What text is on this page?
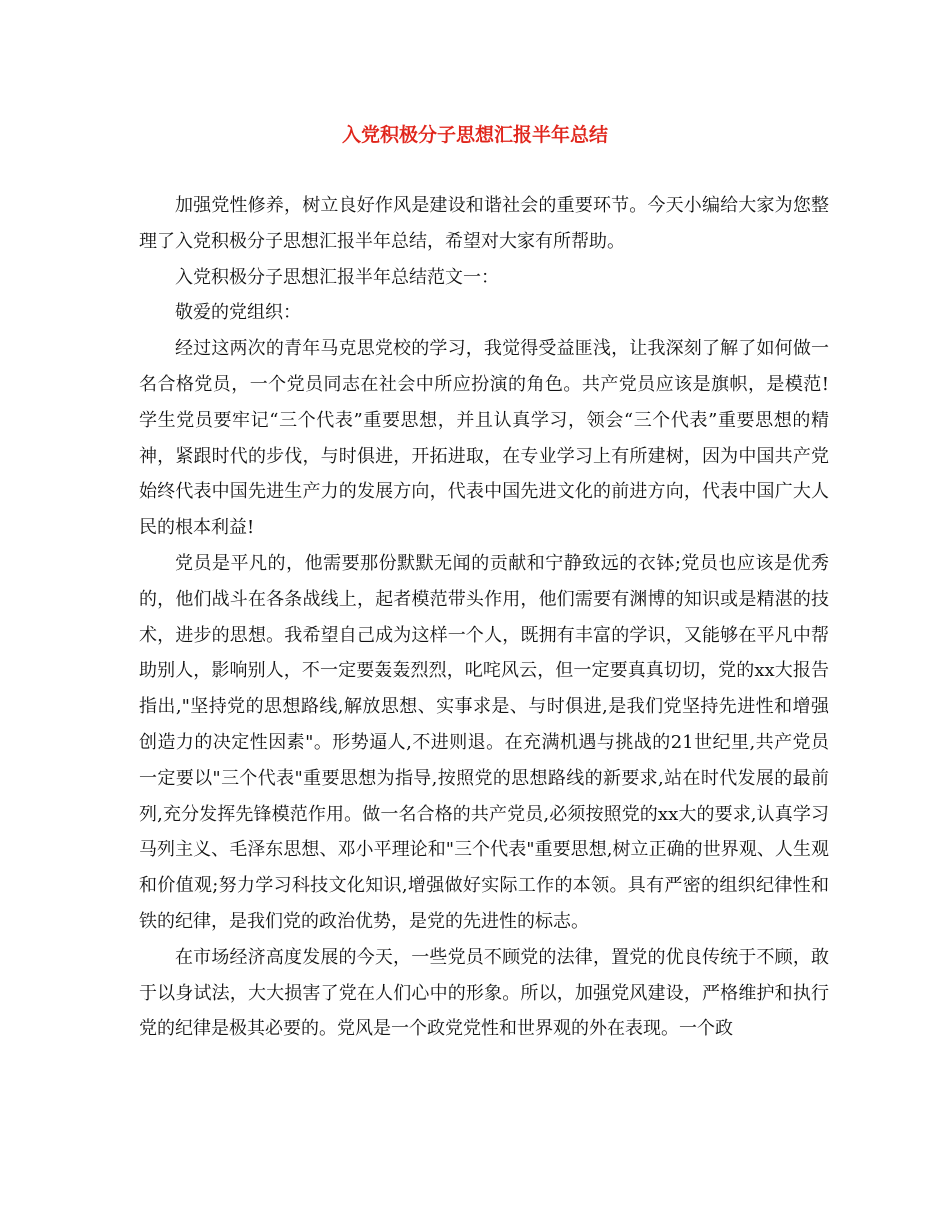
入党积极分子思想汇报半年总结

加强党性修养，树立良好作风是建设和谐社会的重要环节。今天小编给大家为您整理了入党积极分子思想汇报半年总结，希望对大家有所帮助。

入党积极分子思想汇报半年总结范文一：

敬爱的党组织：

经过这两次的青年马克思党校的学习，我觉得受益匪浅，让我深刻了解了如何做一名合格党员，一个党员同志在社会中所应扮演的角色。共产党员应该是旗帜，是模范!学生党员要牢记“三个代表”重要思想，并且认真学习，领会“三个代表”重要思想的精神，紧跟时代的步伐，与时俱进，开拓进取，在专业学习上有所建树，因为中国共产党始终代表中国先进生产力的发展方向，代表中国先进文化的前进方向，代表中国广大人民的根本利益!

党员是平凡的，他需要那份默默无闻的贡献和宁静致远的衣钵;党员也应该是优秀的，他们战斗在各条战线上，起者模范带头作用，他们需要有渊博的知识或是精湛的技术，进步的思想。我希望自己成为这样一个人，既拥有丰富的学识，又能够在平凡中帮助别人，影响别人，不一定要轰轰烈烈，叱咤风云，但一定要真真切切，党的xx大报告指出,"坚持党的思想路线,解放思想、实事求是、与时俱进,是我们党坚持先进性和增强创造力的决定性因素"。形势逼人,不进则退。在充满机遇与挑战的21世纪里,共产党员一定要以"三个代表"重要思想为指导,按照党的思想路线的新要求,站在时代发展的最前列,充分发挥先锋模范作用。做一名合格的共产党员,必须按照党的xx大的要求,认真学习马列主义、毛泽东思想、邓小平理论和"三个代表"重要思想,树立正确的世界观、人生观和价值观;努力学习科技文化知识,增强做好实际工作的本领。具有严密的组织纪律性和铁的纪律，是我们党的政治优势，是党的先进性的标志。

在市场经济高度发展的今天，一些党员不顾党的法律，置党的优良传统于不顾，敢于以身试法，大大损害了党在人们心中的形象。所以，加强党风建设，严格维护和执行党的纪律是极其必要的。党风是一个政党党性和世界观的外在表现。一个政
